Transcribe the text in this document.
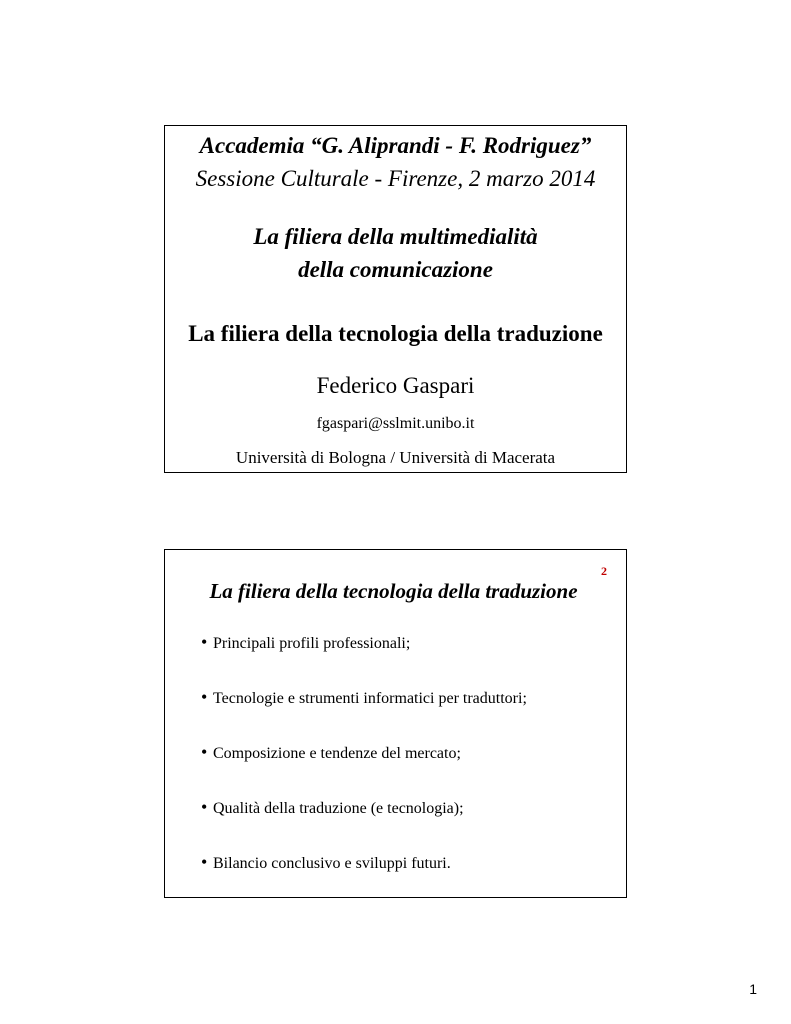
Accademia “G. Aliprandi - F. Rodriguez”
Sessione Culturale - Firenze, 2 marzo 2014
La filiera della multimedialità
della comunicazione
La filiera della tecnologia della traduzione
Federico Gaspari
fgaspari@sslmit.unibo.it
Università di Bologna / Università di Macerata
2
La filiera della tecnologia della traduzione
• Principali profili professionali;
• Tecnologie e strumenti informatici per traduttori;
• Composizione e tendenze del mercato;
• Qualità della traduzione (e tecnologia);
• Bilancio conclusivo e sviluppi futuri.
1
